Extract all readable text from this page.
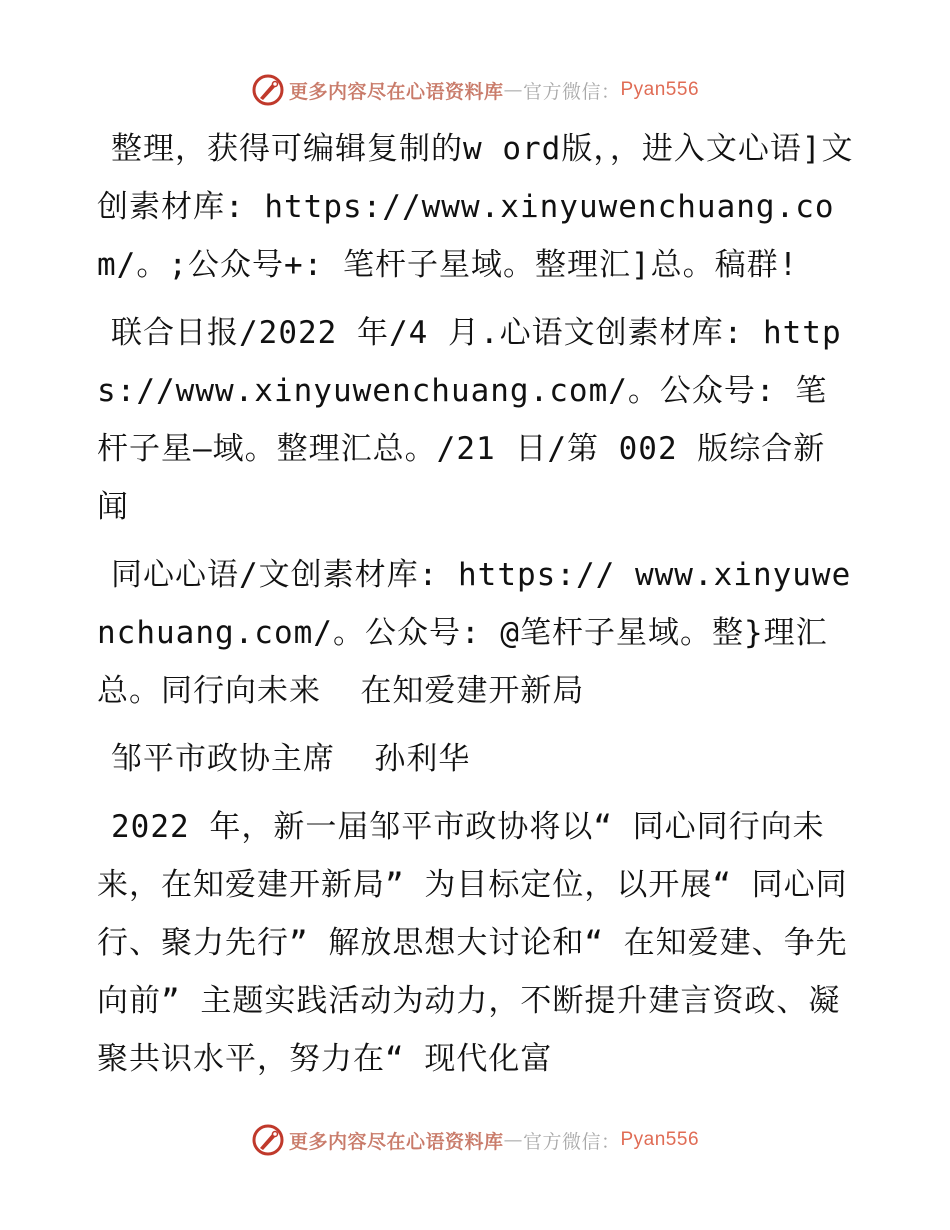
更多内容尽在心语资料库 — 官方微信： Pyan556

整理，获得可编辑复制的w ord版，，进入文心语]文创素材库: https://www.xinyuwenchuang.com/。;公众号+: 笔杆子星域。整理汇]总。稿群!

联合日报/2022 年/4 月.心语文创素材库: https://www.xinyuwenchuang.com/。公众号: 笔杆子星—域。整理汇总。/21 日/第 002 版综合新闻

同心心语/文创素材库: https:// www.xinyuwenchuang.com/。公众号: @笔杆子星域。整}理汇总。同行向未来  在知爱建开新局

邹平市政协主席  孙利华

2022 年，新一届邹平市政协将以“ 同心同行向未来，在知爱建开新局” 为目标定位，以开展“ 同心同行、聚力先行” 解放思想大讨论和“ 在知爱建、争先向前” 主题实践活动为动力，不断提升建言资政、凝聚共识水平，努力在“ 现代化富

更多内容尽在心语资料库 — 官方微信： Pyan556
